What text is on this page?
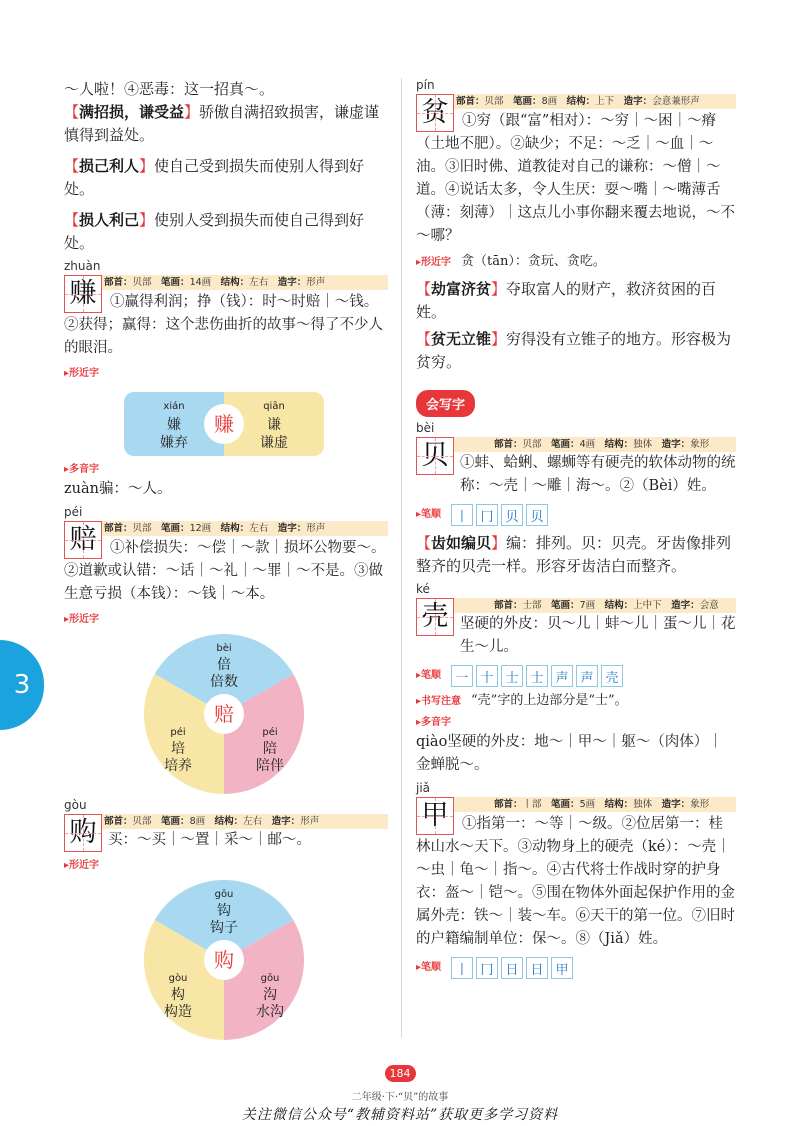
3

～人啦！④恶毒：这一招真～。

【满招损，谦受益】骄傲自满招致损害，谦虚谨慎得到益处。

【损己利人】使自己受到损失而使别人得到好处。

【损人利己】使别人受到损失而使自己得到好处。

zhuàn
赚 部首：贝部　 笔画：14画　 结构：左右　 造字：形声

①赢得利润；挣（钱）：时～时赔｜～钱。②获得；赢得：这个悲伤曲折的故事～得了不少人的眼泪。

▸ 形近字
xián
嫌
嫌弃
qiān
谦
谦虚
赚
▸ 多音字

zuàn骗：～人。

péi
赔 部首：贝部　 笔画：12画　 结构：左右　 造字：形声

①补偿损失：～偿｜～款｜损坏公物要～。②道歉或认错：～话｜～礼｜～罪｜～不是。③做生意亏损（本钱）：～钱｜～本。

▸ 形近字
bèi
倍
倍数
péi
培
培养
péi
陪
陪伴
赔
gòu
购 部首：贝部　 笔画：8画　 结构：左右　 造字：形声

买：～买｜～置｜采～｜邮～。

▸ 形近字
gōu
钩
钩子
gòu
构
构造
gōu
沟
水沟
购
pín
贫 部首：贝部　 笔画：8画　 结构：上下　 造字：会意兼形声

①穷（跟“富”相对）：～穷｜～困｜～瘠（土地不肥）。②缺少；不足：～乏｜～血｜～油。③旧时佛、道教徒对自己的谦称：～僧｜～道。④说话太多，令人生厌：耍～嘴｜～嘴薄舌（薄：刻薄）｜这点儿小事你翻来覆去地说，～不～哪？

▸ 形近字　 贪（tān）：贪玩、贪吃。

【劫富济贫】夺取富人的财产，救济贫困的百姓。

【贫无立锥】穷得没有立锥子的地方。形容极为贫穷。

会写字
bèi
贝	部首：贝部　 笔画：4画　 结构：独体　 造字：象形

①蚌、蛤蜊、螺蛳等有硬壳的软体动物的统称：～壳｜～雕｜海～。②（Bèi）姓。

▸ 笔顺	丨 冂 贝 贝

【齿如编贝】编：排列。贝：贝壳。牙齿像排列整齐的贝壳一样。形容牙齿洁白而整齐。

ké
壳	部首：士部　 笔画：7画　 结构：上中下　 造字：会意

坚硬的外皮：贝～儿｜蚌～儿｜蛋～儿｜花生～儿。

▸ 笔顺	一 十 士 士 声 声 壳
▸ 书写注意　 “壳”字的上边部分是“士”。
▸ 多音字

qiào坚硬的外皮：地～｜甲～｜躯～（肉体）｜金蝉脱～。

jiǎ
甲	部首：丨部　 笔画：5画　 结构：独体　 造字：象形

①指第一：～等｜～级。②位居第一：桂林山水～天下。③动物身上的硬壳（ké）：～壳｜～虫｜龟～｜指～。④古代将士作战时穿的护身衣：盔～｜铠～。⑤围在物体外面起保护作用的金属外壳：铁～｜装～车。⑥天干的第一位。⑦旧时的户籍编制单位：保～。⑧（Jiǎ）姓。

▸ 笔顺	丨 冂 日 日 甲
184
二年级·下·“贝”的故事
关注微信公众号“教辅资料站”获取更多学习资料
